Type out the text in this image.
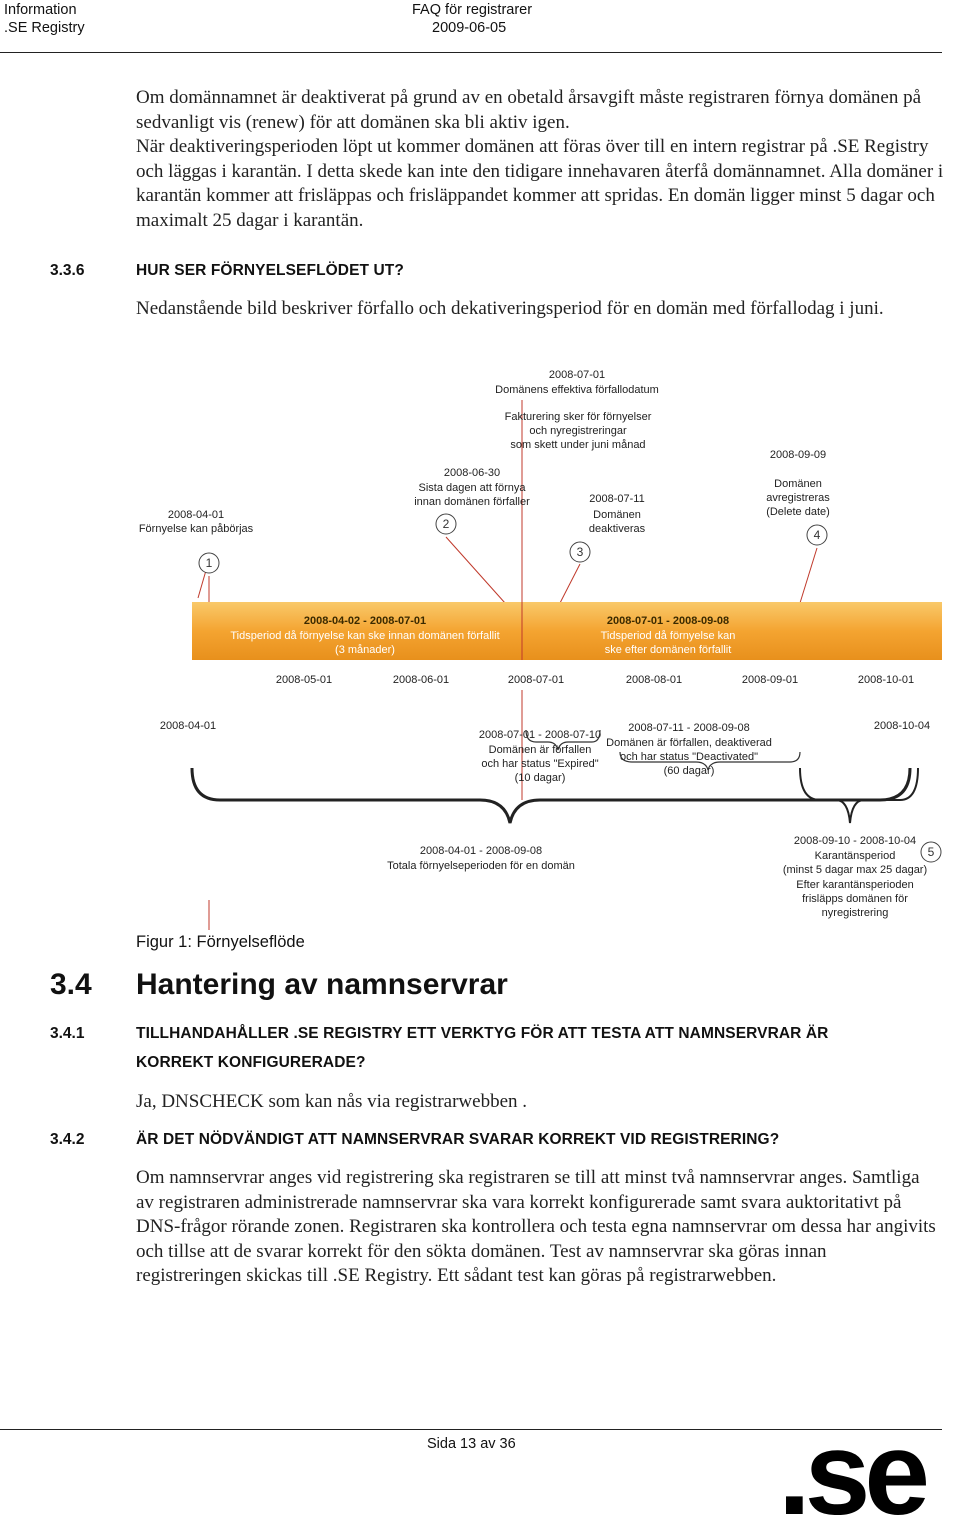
Information
.SE Registry
FAQ för registrarer
2009-06-05

Om domännamnet är deaktiverat på grund av en obetald årsavgift måste registraren förnya domänen på sedvanligt vis (renew) för att domänen ska bli aktiv igen.

När deaktiveringsperioden löpt ut kommer domänen att föras över till en intern registrar på .SE Registry och läggas i karantän. I detta skede kan inte den tidigare innehavaren återfå domännamnet. Alla domäner i karantän kommer att frisläppas och frisläppandet kommer att spridas. En domän ligger minst 5 dagar och maximalt 25 dagar i karantän.

3.3.6	HUR SER FÖRNYELSEFLÖDET UT?
Nedanstående bild beskriver förfallo och dekativeringsperiod för en domän med förfallodag i juni.
2008-07-01
Domänens effektiva förfallodatum
Fakturering sker för förnyelser
och nyregistreringar
som skett under juni månad
2008-06-30
Sista dagen att förnya
innan domänen förfaller	2008-07-11
Domänen
deaktiveras
2008-09-09
Domänen
avregistreras
(Delete date)
2008-04-01
Förnyelse kan påbörjas
1
2
3
4
5
2008-04-02 - 2008-07-01
Tidsperiod då förnyelse kan ske innan domänen förfallit
(3 månader)
2008-07-01 - 2008-09-08
Tidsperiod då förnyelse kan
ske efter domänen förfallit
2008-05-01	2008-06-01	2008-07-01	2008-08-01	2008-09-01	2008-10-01
2008-04-01	2008-10-04
2008-07-01 - 2008-07-10
Domänen är förfallen
och har status "Expired"
(10 dagar)
2008-07-11 - 2008-09-08
Domänen är förfallen, deaktiverad
och har status "Deactivated"
(60 dagar)
2008-04-01 - 2008-09-08
Totala förnyelseperioden för en domän
2008-09-10 - 2008-10-04
Karantänsperiod
(minst 5 dagar max 25 dagar)
Efter karantänsperioden
frisläpps domänen för
nyregistrering
Figur 1: Förnyelseflöde
3.4 Hantering av namnservrar
3.4.1	TILLHANDAHÅLLER .SE REGISTRY ETT VERKTYG FÖR ATT TESTA ATT NAMNSERVRAR ÄR
KORREKT KONFIGURERADE?
Ja, DNSCHECK som kan nås via registrarwebben .
3.4.2	ÄR DET NÖDVÄNDIGT ATT NAMNSERVRAR SVARAR KORREKT VID REGISTRERING?
Om namnservrar anges vid registrering ska registraren se till att minst två namnservrar anges. Samtliga av registraren administrerade namnservrar ska vara korrekt konfigurerade samt svara auktoritativt på DNS-frågor rörande zonen. Registraren ska kontrollera och testa egna namnservrar om dessa har angivits och tillse att de svarar korrekt för den sökta domänen. Test av namnservrar ska göras innan registreringen skickas till .SE Registry. Ett sådant test kan göras på registrarwebben.
Sida 13 av 36 .se
